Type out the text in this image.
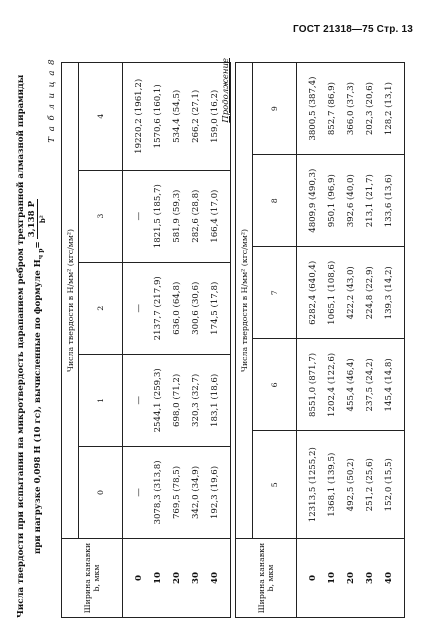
ГОСТ 21318—75 Стр. 13
Числа твердости при испытании на микротвердость царапанием ребром трехгранной алмазной пирамиды при нагрузке 0,098 Н (10 гс), вычисленные по формуле $H_{ч р}=$
3,138 P b²
Т а б л и ц а 8
Ширина канавки b, мкм	Числа твердости в Н/мм² (кгс/мм²)				
	0	1	2	3	4
0	—	—	—	—	19220,2 (1961,2)
10	3078,3 (313,8)	2544,1 (259,3)	2137,7 (217,9)	1821,5 (185,7)	1570,6 (160,1)
20	769,5 (78,5)	698,0 (71,2)	636,0 (64,8)	581,9 (59,3)	534,4 (54,5)
30	342,0 (34,9)	320,3 (32,7)	300,6 (30,6)	282,6 (28,8)	266,2 (27,1)
40	192,3 (19,6)	183,1 (18,6)	174,5 (17,8)	166,4 (17,0)	159,0 (16,2) Продолжение
Ширина канавки b, мкм	Числа твердости в Н/мм² (кгс/мм²)				
	5	6	7	8	9
0	12313,5 (1255,2)	8551,0 (871,7)	6282,4 (640,4)	4809,9 (490,3)	3800,5 (387,4)
10	1368,1 (139,5)	1202,4 (122,6)	1065,1 (108,6)	950,1 (96,9)	852,7 (86,9)
20	492,5 (50,2)	455,4 (46,4)	422,2 (43,0)	392,6 (40,0)	366,0 (37,3)
30	251,2 (25,6)	237,5 (24,2)	224,8 (22,9)	213,1 (21,7)	202,3 (20,6)
40	152,0 (15,5)	145,4 (14,8)	139,3 (14,2)	133,6 (13,6)	128,2 (13,1)
